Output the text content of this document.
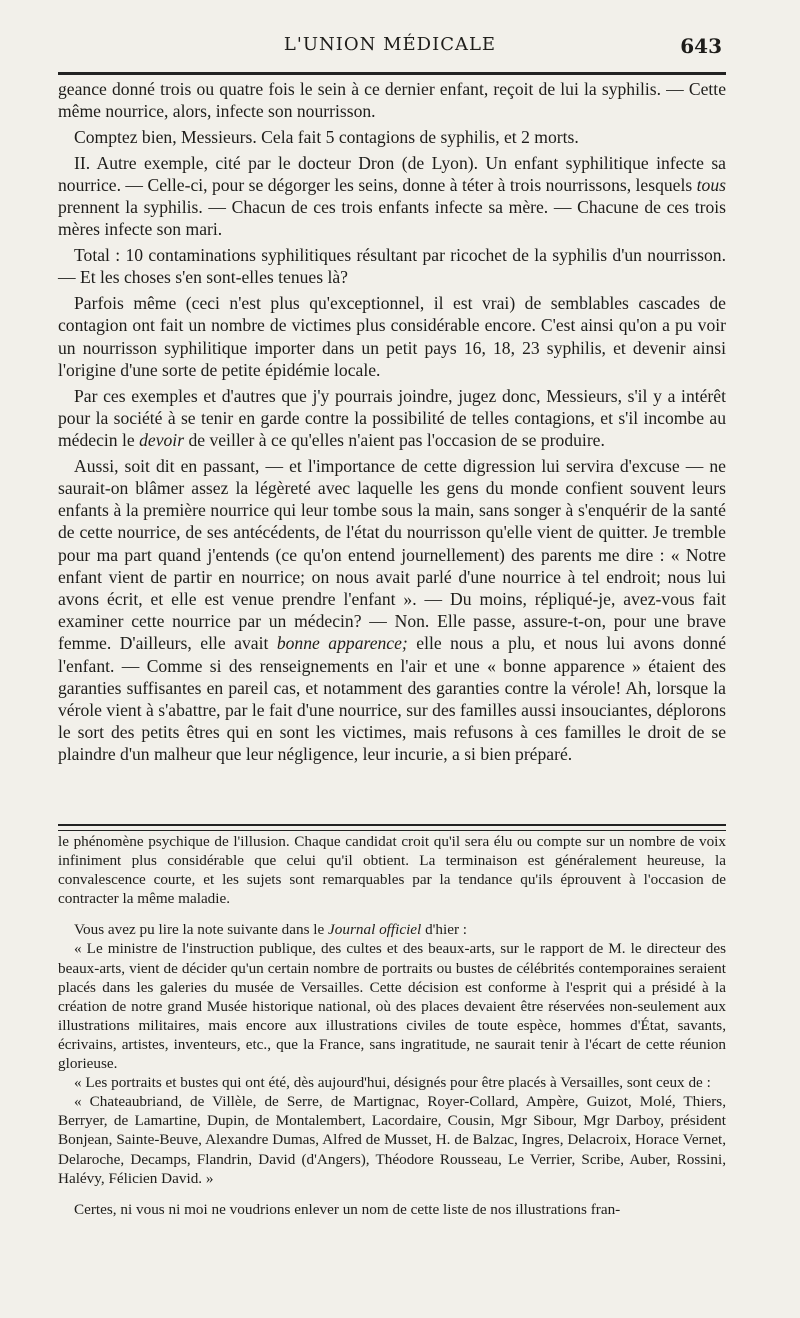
L'UNION MÉDICALE	643

geance donné trois ou quatre fois le sein à ce dernier enfant, reçoit de lui la syphilis. — Cette même nourrice, alors, infecte son nourrisson.

Comptez bien, Messieurs. Cela fait 5 contagions de syphilis, et 2 morts.

II. Autre exemple, cité par le docteur Dron (de Lyon). Un enfant syphilitique infecte sa nourrice. — Celle-ci, pour se dégorger les seins, donne à téter à trois nourrissons, lesquels tous prennent la syphilis. — Chacun de ces trois enfants infecte sa mère. — Chacune de ces trois mères infecte son mari.

Total : 10 contaminations syphilitiques résultant par ricochet de la syphilis d'un nourrisson. — Et les choses s'en sont-elles tenues là?

Parfois même (ceci n'est plus qu'exceptionnel, il est vrai) de semblables cascades de contagion ont fait un nombre de victimes plus considérable encore. C'est ainsi qu'on a pu voir un nourrisson syphilitique importer dans un petit pays 16, 18, 23 syphilis, et devenir ainsi l'origine d'une sorte de petite épidémie locale.

Par ces exemples et d'autres que j'y pourrais joindre, jugez donc, Messieurs, s'il y a intérêt pour la société à se tenir en garde contre la possibilité de telles contagions, et s'il incombe au médecin le devoir de veiller à ce qu'elles n'aient pas l'occasion de se produire.

Aussi, soit dit en passant, — et l'importance de cette digression lui servira d'excuse — ne saurait-on blâmer assez la légèreté avec laquelle les gens du monde confient souvent leurs enfants à la première nourrice qui leur tombe sous la main, sans songer à s'enquérir de la santé de cette nourrice, de ses antécédents, de l'état du nourrisson qu'elle vient de quitter. Je tremble pour ma part quand j'entends (ce qu'on entend journellement) des parents me dire : « Notre enfant vient de partir en nourrice; on nous avait parlé d'une nourrice à tel endroit; nous lui avons écrit, et elle est venue prendre l'enfant ». — Du moins, répliqué-je, avez-vous fait examiner cette nourrice par un médecin? — Non. Elle passe, assure-t-on, pour une brave femme. D'ailleurs, elle avait bonne apparence; elle nous a plu, et nous lui avons donné l'enfant. — Comme si des renseignements en l'air et une « bonne apparence » étaient des garanties suffisantes en pareil cas, et notamment des garanties contre la vérole! Ah, lorsque la vérole vient à s'abattre, par le fait d'une nourrice, sur des familles aussi insouciantes, déplorons le sort des petits êtres qui en sont les victimes, mais refusons à ces familles le droit de se plaindre d'un malheur que leur négligence, leur incurie, a si bien préparé.

le phénomène psychique de l'illusion. Chaque candidat croit qu'il sera élu ou compte sur un nombre de voix infiniment plus considérable que celui qu'il obtient. La terminaison est généralement heureuse, la convalescence courte, et les sujets sont remarquables par la tendance qu'ils éprouvent à l'occasion de contracter la même maladie.

Vous avez pu lire la note suivante dans le Journal officiel d'hier :

« Le ministre de l'instruction publique, des cultes et des beaux-arts, sur le rapport de M. le directeur des beaux-arts, vient de décider qu'un certain nombre de portraits ou bustes de célébrités contemporaines seraient placés dans les galeries du musée de Versailles. Cette décision est conforme à l'esprit qui a présidé à la création de notre grand Musée historique national, où des places devaient être réservées non-seulement aux illustrations militaires, mais encore aux illustrations civiles de toute espèce, hommes d'État, savants, écrivains, artistes, inventeurs, etc., que la France, sans ingratitude, ne saurait tenir à l'écart de cette réunion glorieuse.

« Les portraits et bustes qui ont été, dès aujourd'hui, désignés pour être placés à Versailles, sont ceux de :

« Chateaubriand, de Villèle, de Serre, de Martignac, Royer-Collard, Ampère, Guizot, Molé, Thiers, Berryer, de Lamartine, Dupin, de Montalembert, Lacordaire, Cousin, Mgr Sibour, Mgr Darboy, président Bonjean, Sainte-Beuve, Alexandre Dumas, Alfred de Musset, H. de Balzac, Ingres, Delacroix, Horace Vernet, Delaroche, Decamps, Flandrin, David (d'Angers), Théodore Rousseau, Le Verrier, Scribe, Auber, Rossini, Halévy, Félicien David. »

Certes, ni vous ni moi ne voudrions enlever un nom de cette liste de nos illustrations fran-
